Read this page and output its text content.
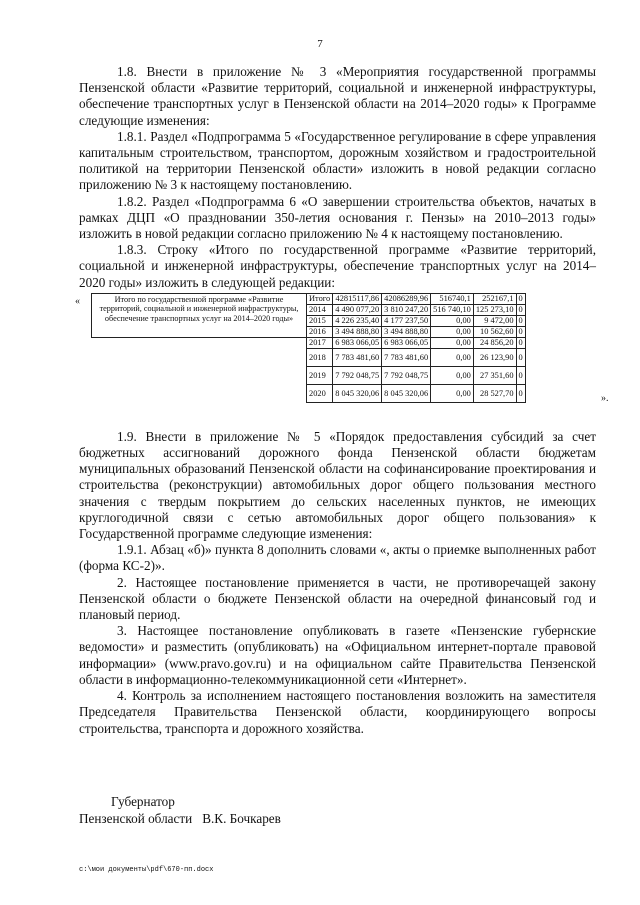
7

1.8. Внести в приложение № 3 «Мероприятия государственной программы Пензенской области «Развитие территорий, социальной и инженерной инфраструктуры, обеспечение транспортных услуг в Пензенской области на 2014–2020 годы» к Программе следующие изменения:

1.8.1. Раздел «Подпрограмма 5 «Государственное регулирование в сфере управления капитальным строительством, транспортом, дорожным хозяйством и градостроительной политикой на территории Пензенской области» изложить в новой редакции согласно приложению № 3 к настоящему постановлению.

1.8.2. Раздел «Подпрограмма 6 «О завершении строительства объектов, начатых в рамках ДЦП «О праздновании 350-летия основания г. Пензы» на 2010–2013 годы» изложить в новой редакции согласно приложению № 4 к настоящему постановлению.

1.8.3. Строку «Итого по государственной программе «Развитие территорий, социальной и инженерной инфраструктуры, обеспечение транспортных услуг на 2014–2020 годы» изложить в следующей редакции:

«	Итого по государственной программе «Развитие территорий, социальной и инженерной инфраструктуры, обеспечение транспортных услуг на 2014–2020 годы»	Итого	42815117,86	42086289,96	516740,1	252167,1	0
	2014	4 490 077,20	3 810 247,20	516 740,10	125 273,10	0
	2015	4 226 235,40	4 177 237,50	0,00	9 472,00	0
	2016	3 494 888,80	3 494 888,80	0,00	10 562,60	0
	2017	6 983 066,05	6 983 066,05	0,00	24 856,20	0
	2018	7 783 481,60	7 783 481,60	0,00	26 123,90	0
	2019	7 792 048,75	7 792 048,75	0,00	27 351,60	0
	2020	8 045 320,06	8 045 320,06	0,00	28 527,70	0	».

1.9. Внести в приложение № 5 «Порядок предоставления субсидий за счет бюджетных ассигнований дорожного фонда Пензенской области бюджетам муниципальных образований Пензенской области на софинансирование проектирования и строительства (реконструкции) автомобильных дорог общего пользования местного значения с твердым покрытием до сельских населенных пунктов, не имеющих круглогодичной связи с сетью автомобильных дорог общего пользования» к Государственной программе следующие изменения:

1.9.1. Абзац «б)» пункта 8 дополнить словами «, акты о приемке выполненных работ (форма КС-2)».

2. Настоящее постановление применяется в части, не противоречащей закону Пензенской области о бюджете Пензенской области на очередной финансовый год и плановый период.

3. Настоящее постановление опубликовать в газете «Пензенские губернские ведомости» и разместить (опубликовать) на «Официальном интернет-портале правовой информации» (www.pravo.gov.ru) и на официальном сайте Правительства Пензенской области в информационно-телекоммуникационной сети «Интернет».

4. Контроль за исполнением настоящего постановления возложить на заместителя Председателя Правительства Пензенской области, координирующего вопросы строительства, транспорта и дорожного хозяйства.

Губернатор
Пензенской области В.К. Бочкарев
c:\мои документы\pdf\670-пп.docx
